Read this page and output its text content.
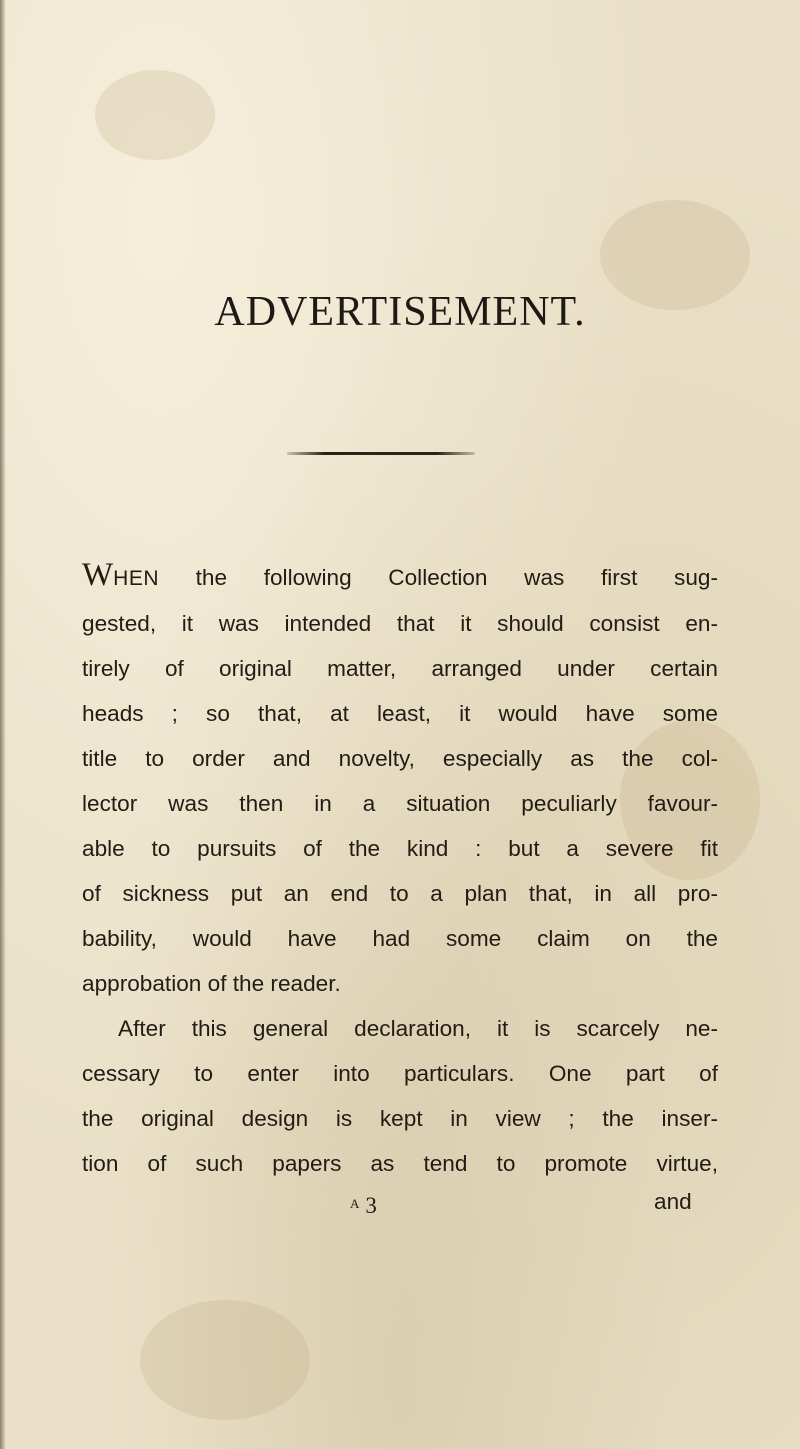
ADVERTISEMENT.
WHEN the following Collection was first sug-
gested, it was intended that it should consist en-
tirely of original matter, arranged under certain
heads ; so that, at least, it would have some
title to order and novelty, especially as the col-
lector was then in a situation peculiarly favour-
able to pursuits of the kind : but a severe fit
of sickness put an end to a plan that, in all pro-
bability, would have had some claim on the
approbation of the reader.
After this general declaration, it is scarcely ne-
cessary to enter into particulars. One part of
the original design is kept in view ; the inser-
tion of such papers as tend to promote virtue,
$^A$ 3	and
